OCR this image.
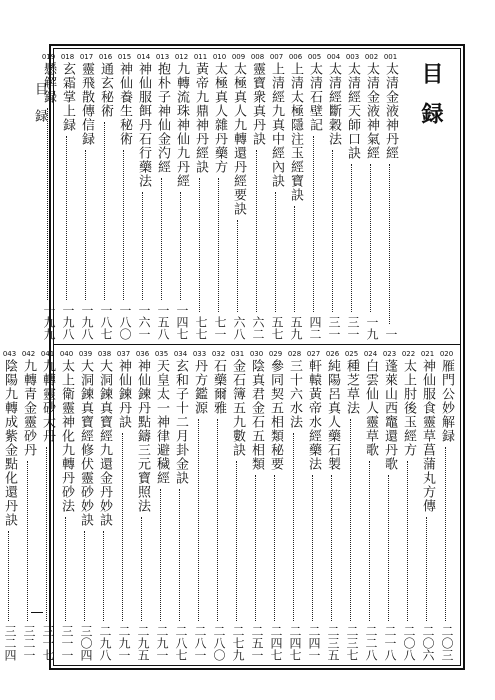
目録	目録
001
太清金液神丹經
一
002
太清金液神氣經
一九
003
太清經天師口訣
三一
004
太清經斷穀法
三一
005
太清石壁記
四二
006
上清太極隱注玉經寶訣
五九
007
上清經九真中經內訣
五七
008
靈寶衆真丹訣
六二
009
太極真人九轉還丹經要訣
六八
010
太極真人雜丹藥方
七一
011
黃帝九鼎神丹經訣
七七
012
九轉流珠神仙九丹經
一四七
013
抱朴子神仙金汋經
一五八
014
神仙服餌丹石行藥法
一六一
015
神仙養生秘術
一八〇
016
通玄秘術
一八七
017
靈飛散傳信録
一九八
018
玄霜掌上録
一九八
019
懸解録
一九九
020
雁門公妙解録
二〇三
021
神仙服食靈草菖蒲丸方傳
二〇六
022
太上肘後玉經方
二〇八
023
蓬萊山西竈還丹歌
二一八
024
白雲仙人靈草歌
二二八
025
種芝草法
二三七
026
純陽呂真人藥石製
二三五
027
軒轅黃帝水經藥法
二四一
028
三十六水法
二四七
029
參同契五相類秘要
二四七
030
陰真君金石五相類
二五一
031
金石簿五九數訣
二七九
032
石藥爾雅
二八〇
033
丹方鑑源
二八一
034
玄和子十二月卦金訣
二八七
035
天皇太一神律避穢經
二九一
036
神仙鍊丹點鑄三元寶照法
二九五
037
神仙鍊丹訣
二九一
038
大洞鍊真寶經九還金丹妙訣
二九八
039
大洞鍊真寶經修伏靈砂妙訣
三〇四
040
太上衛靈神化九轉丹砂法
三一一
041
九轉靈砂大丹
三一七
042
九轉青金靈砂丹
三二一
043
陰陽九轉成紫金點化還丹訣
三二四
